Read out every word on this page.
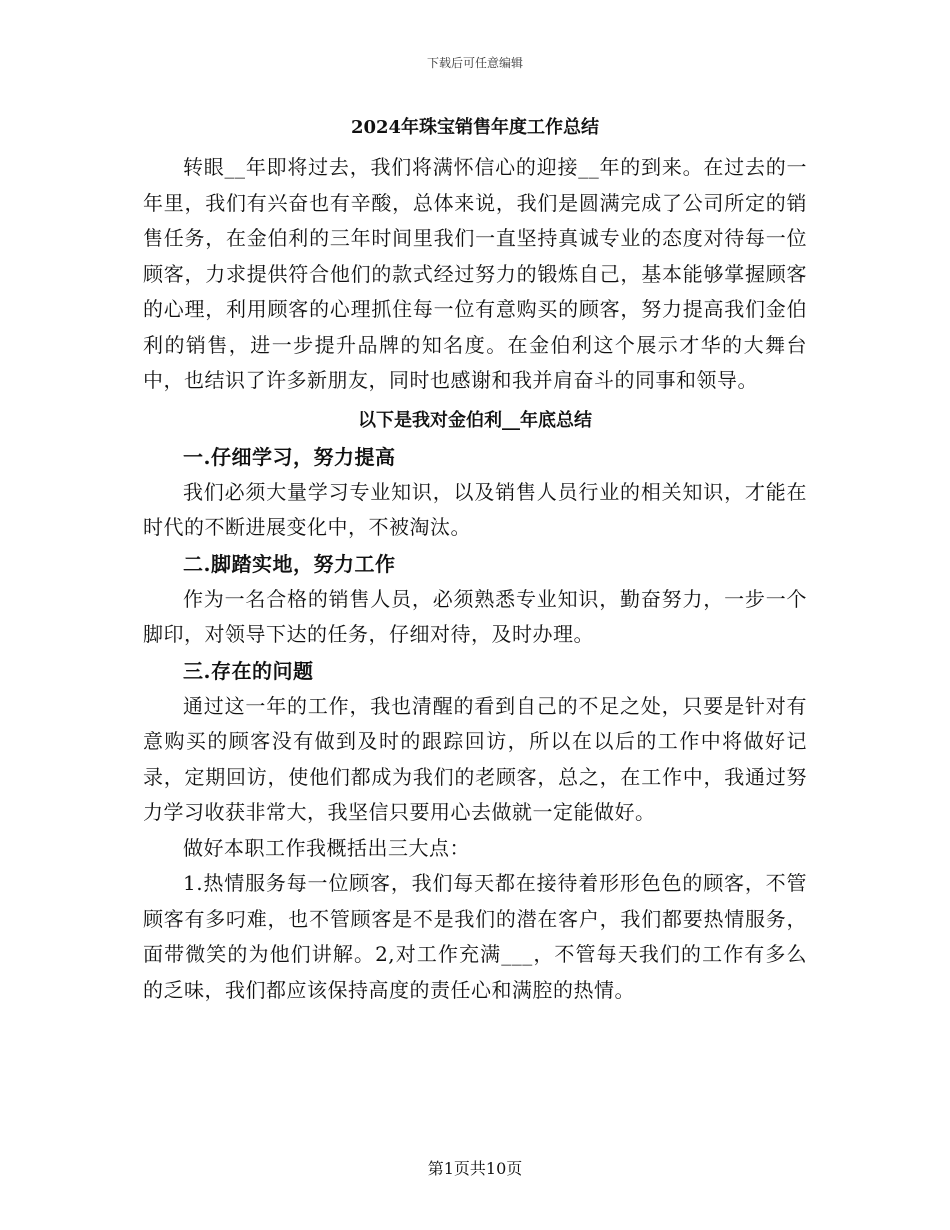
下载后可任意编辑
2024年珠宝销售年度工作总结

转眼__年即将过去，我们将满怀信心的迎接__年的到来。在过去的一年里，我们有兴奋也有辛酸，总体来说，我们是圆满完成了公司所定的销售任务，在金伯利的三年时间里我们一直坚持真诚专业的态度对待每一位顾客，力求提供符合他们的款式经过努力的锻炼自己，基本能够掌握顾客的心理，利用顾客的心理抓住每一位有意购买的顾客，努力提高我们金伯利的销售，进一步提升品牌的知名度。在金伯利这个展示才华的大舞台中，也结识了许多新朋友，同时也感谢和我并肩奋斗的同事和领导。

以下是我对金伯利__年底总结

一.仔细学习，努力提高

我们必须大量学习专业知识，以及销售人员行业的相关知识，才能在时代的不断进展变化中，不被淘汰。

二.脚踏实地，努力工作

作为一名合格的销售人员，必须熟悉专业知识，勤奋努力，一步一个脚印，对领导下达的任务，仔细对待，及时办理。

三.存在的问题

通过这一年的工作，我也清醒的看到自己的不足之处，只要是针对有意购买的顾客没有做到及时的跟踪回访，所以在以后的工作中将做好记录，定期回访，使他们都成为我们的老顾客，总之，在工作中，我通过努力学习收获非常大，我坚信只要用心去做就一定能做好。

做好本职工作我概括出三大点：

1.热情服务每一位顾客，我们每天都在接待着形形色色的顾客，不管顾客有多叼难，也不管顾客是不是我们的潜在客户，我们都要热情服务，面带微笑的为他们讲解。2,对工作充满___，不管每天我们的工作有多么的乏味，我们都应该保持高度的责任心和满腔的热情。

第1页共10页
